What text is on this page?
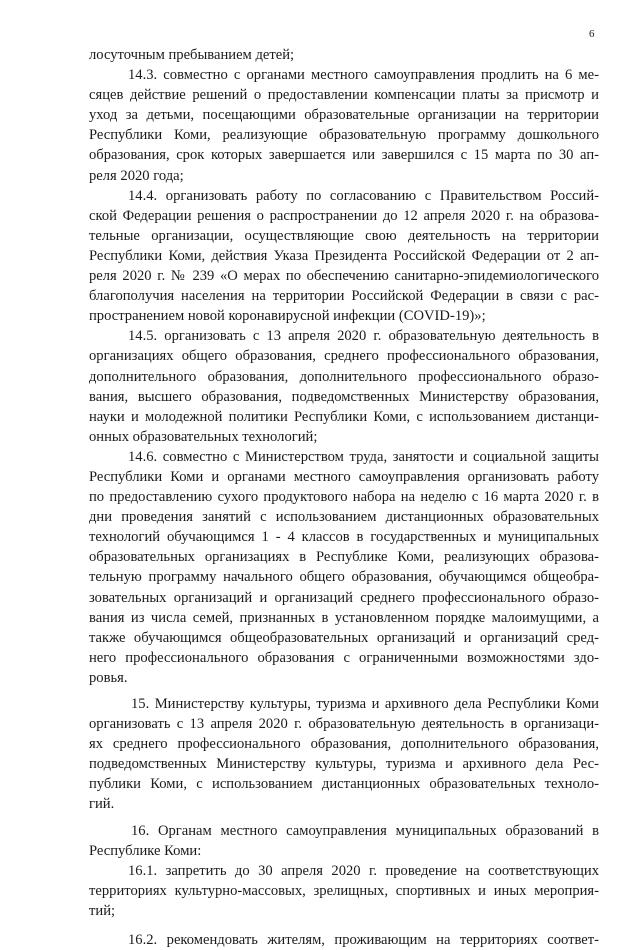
6
лосуточным пребыванием детей;
14.3. совместно с органами местного самоуправления продлить на 6 ме-
сяцев действие решений о предоставлении компенсации платы за присмотр и
уход за детьми, посещающими образовательные организации на территории
Республики Коми, реализующие образовательную программу дошкольного
образования, срок которых завершается или завершился с 15 марта по 30 ап-
реля 2020 года;
14.4. организовать работу по согласованию с Правительством Россий-
ской Федерации решения о распространении до 12 апреля 2020 г. на образова-
тельные организации, осуществляющие свою деятельность на территории
Республики Коми, действия Указа Президента Российской Федерации от 2 ап-
реля 2020 г. № 239 «О мерах по обеспечению санитарно-эпидемиологического
благополучия населения на территории Российской Федерации в связи с рас-
пространением новой коронавирусной инфекции (COVID-19)»;
14.5. организовать с 13 апреля 2020 г. образовательную деятельность в
организациях общего образования, среднего профессионального образования,
дополнительного образования, дополнительного профессионального образо-
вания, высшего образования, подведомственных Министерству образования,
науки и молодежной политики Республики Коми, с использованием дистанци-
онных образовательных технологий;
14.6. совместно с Министерством труда, занятости и социальной защиты
Республики Коми и органами местного самоуправления организовать работу
по предоставлению сухого продуктового набора на неделю с 16 марта 2020 г. в
дни проведения занятий с использованием дистанционных образовательных
технологий обучающимся 1 - 4 классов в государственных и муниципальных
образовательных организациях в Республике Коми, реализующих образова-
тельную программу начального общего образования, обучающимся общеобра-
зовательных организаций и организаций среднего профессионального образо-
вания из числа семей, признанных в установленном порядке малоимущими, а
также обучающимся общеобразовательных организаций и организаций сред-
него профессионального образования с ограниченными возможностями здо-
ровья.
15. Министерству культуры, туризма и архивного дела Республики Коми
организовать с 13 апреля 2020 г. образовательную деятельность в организаци-
ях среднего профессионального образования, дополнительного образования,
подведомственных Министерству культуры, туризма и архивного дела Рес-
публики Коми, с использованием дистанционных образовательных техноло-
гий.
16. Органам местного самоуправления муниципальных образований в
Республике Коми:
16.1. запретить до 30 апреля 2020 г. проведение на соответствующих
территориях культурно-массовых, зрелищных, спортивных и иных мероприя-
тий;
16.2. рекомендовать жителям, проживающим на территориях соответ-
